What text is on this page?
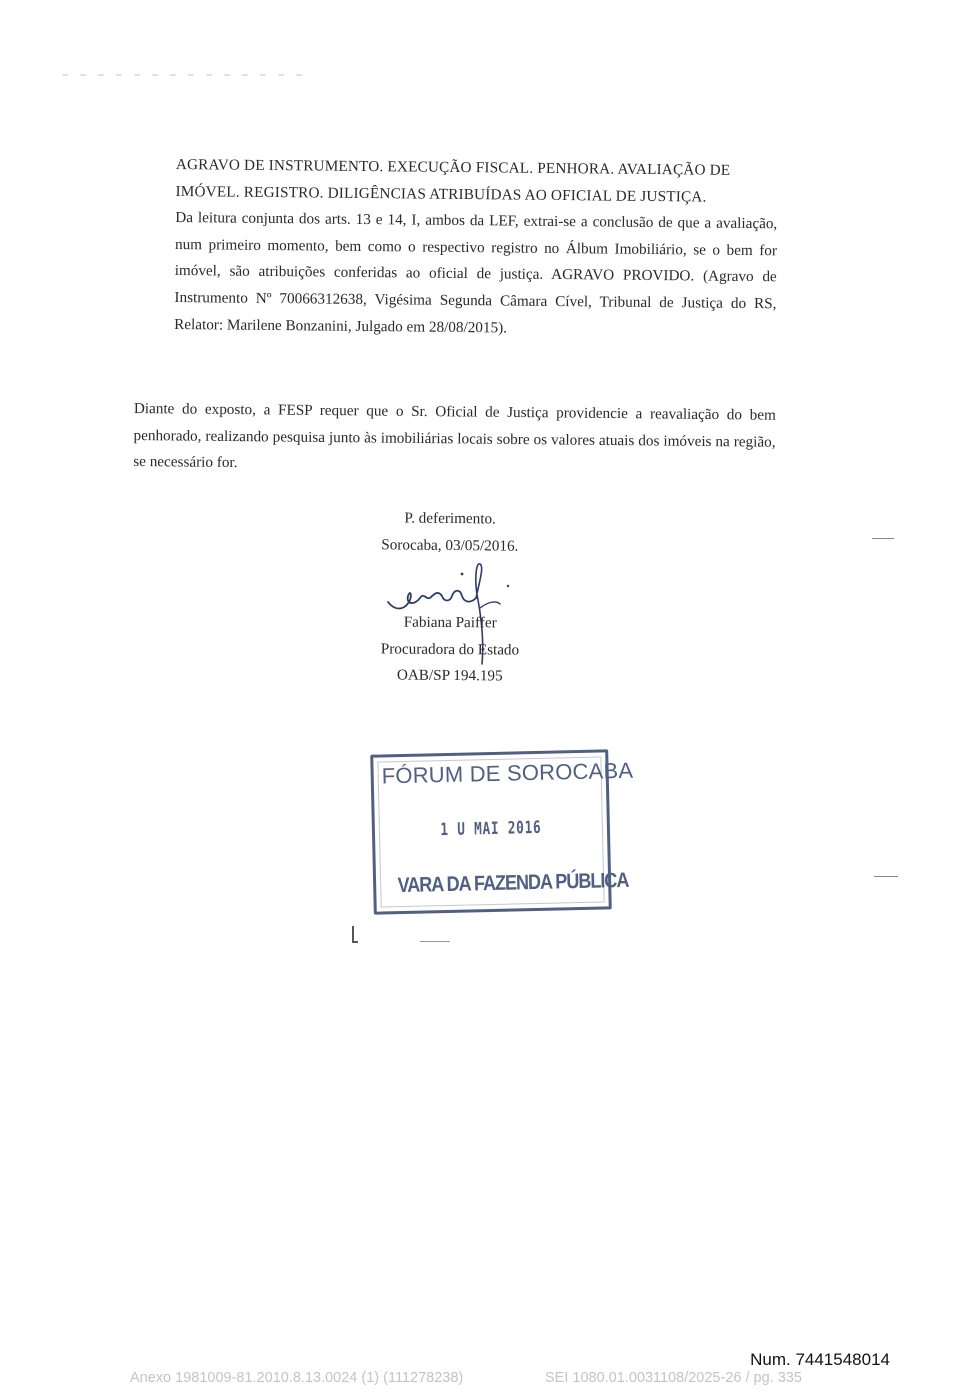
AGRAVO DE INSTRUMENTO. EXECUÇÃO FISCAL. PENHORA. AVALIAÇÃO DE

IMÓVEL. REGISTRO. DILIGÊNCIAS ATRIBUÍDAS AO OFICIAL DE JUSTIÇA.

Da leitura conjunta dos arts. 13 e 14, I, ambos da LEF, extrai-se a conclusão de que a avaliação, num primeiro momento, bem como o respectivo registro no Álbum Imobiliário, se o bem for imóvel, são atribuições conferidas ao oficial de justiça. AGRAVO PROVIDO. (Agravo de Instrumento Nº 70066312638, Vigésima Segunda Câmara Cível, Tribunal de Justiça do RS, Relator: Marilene Bonzanini, Julgado em 28/08/2015).

Diante do exposto, a FESP requer que o Sr. Oficial de Justiça providencie a reavaliação do bem penhorado, realizando pesquisa junto às imobiliárias locais sobre os valores atuais dos imóveis na região, se necessário for.

P. deferimento.
Sorocaba, 03/05/2016.
Fabiana Paiffer
Procuradora do Estado
OAB/SP 194.195
FÓRUM DE SOROCABA
1 U MAI 2016
VARA DA FAZENDA PÚBLICA
Num. 7441548014
Anexo 1981009-81.2010.8.13.0024 (1) (111278238)	SEI 1080.01.0031108/2025-26 / pg. 335
